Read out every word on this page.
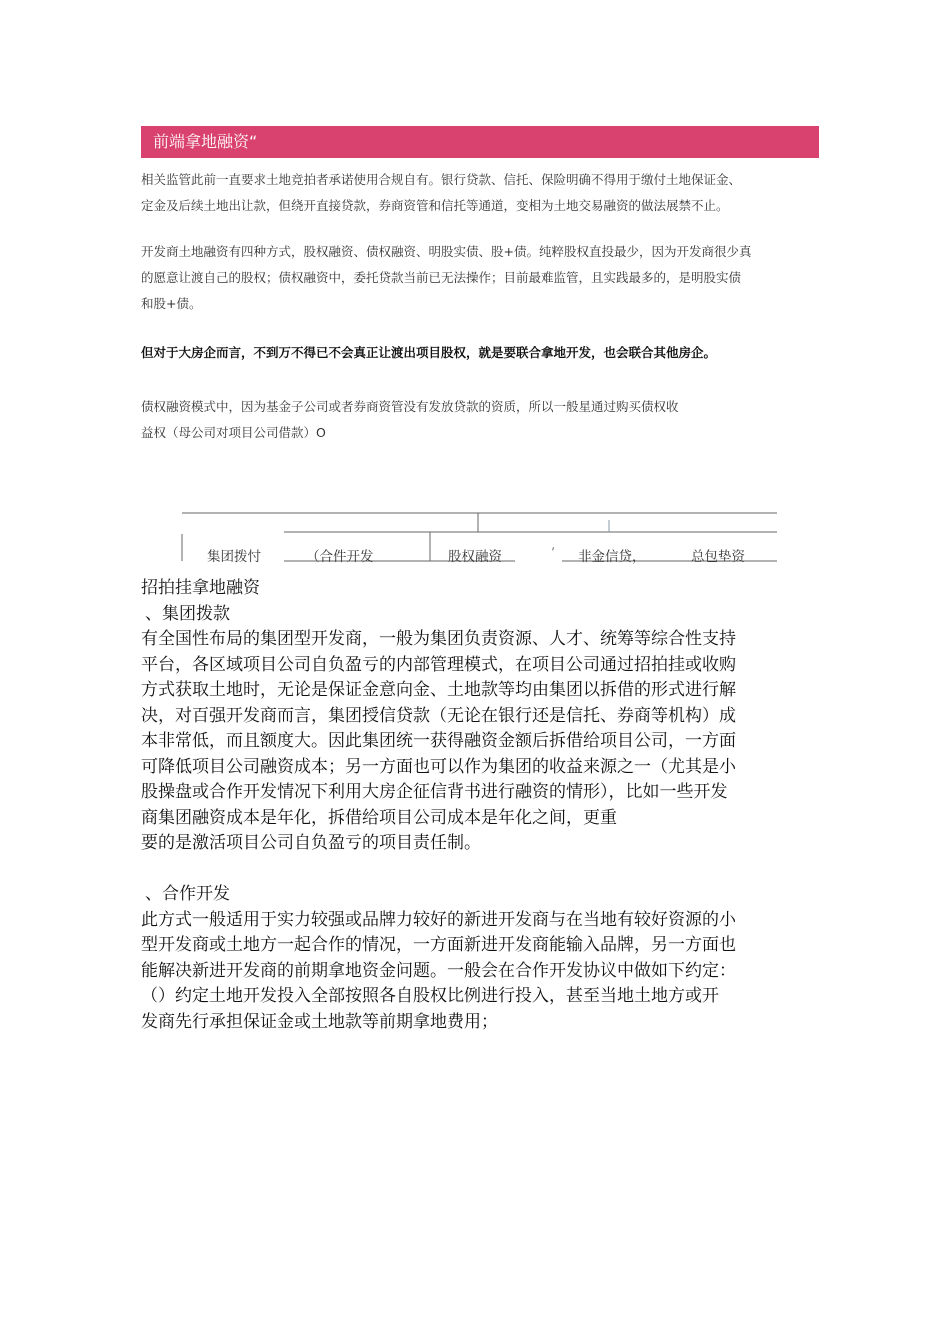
前端拿地融资“

相关监管此前一直要求土地竞拍者承诺使用合规自有。银行贷款、信托、保险明确不得用于缴付土地保证金、

定金及后续土地出让款，但绕开直接贷款，券商资管和信托等通道，变相为土地交易融资的做法展禁不止。

开发商土地融资有四种方式，股权融资、债权融资、明股实债、股+债。纯粹股权直投最少，因为开发商很少真

的愿意让渡自己的股权；债权融资中，委托贷款当前已无法操作；目前最难监管，且实践最多的，是明股实债

和股+债。

但对于大房企而言，不到万不得已不会真正让渡出项目股权，就是要联合拿地开发，也会联合其他房企。

债权融资模式中，因为基金子公司或者券商资管没有发放贷款的资质，所以一般星通过购买债权收

益权（母公司对项目公司借款）O

集团拨忖	（合件开发	股权融资	‘ 非金信贷，	总包垫资

招拍挂拿地融资

、集团拨款

有全国性布局的集团型开发商，一般为集团负责资源、人才、统筹等综合性支持

平台，各区域项目公司自负盈亏的内部管理模式，在项目公司通过招拍挂或收购

方式获取土地时，无论是保证金意向金、土地款等均由集团以拆借的形式进行解

决，对百强开发商而言，集团授信贷款（无论在银行还是信托、券商等机构）成

本非常低，而且额度大。因此集团统一获得融资金额后拆借给项目公司，一方面

可降低项目公司融资成本；另一方面也可以作为集团的收益来源之一（尤其是小

股操盘或合作开发情况下利用大房企征信背书进行融资的情形），比如一些开发

商集团融资成本是年化，拆借给项目公司成本是年化之间，更重

要的是激活项目公司自负盈亏的项目责任制。

、合作开发

此方式一般适用于实力较强或品牌力较好的新进开发商与在当地有较好资源的小

型开发商或土地方一起合作的情况，一方面新进开发商能输入品牌，另一方面也

能解决新进开发商的前期拿地资金问题。一般会在合作开发协议中做如下约定：

（）约定土地开发投入全部按照各自股权比例进行投入，甚至当地土地方或开

发商先行承担保证金或土地款等前期拿地费用；
